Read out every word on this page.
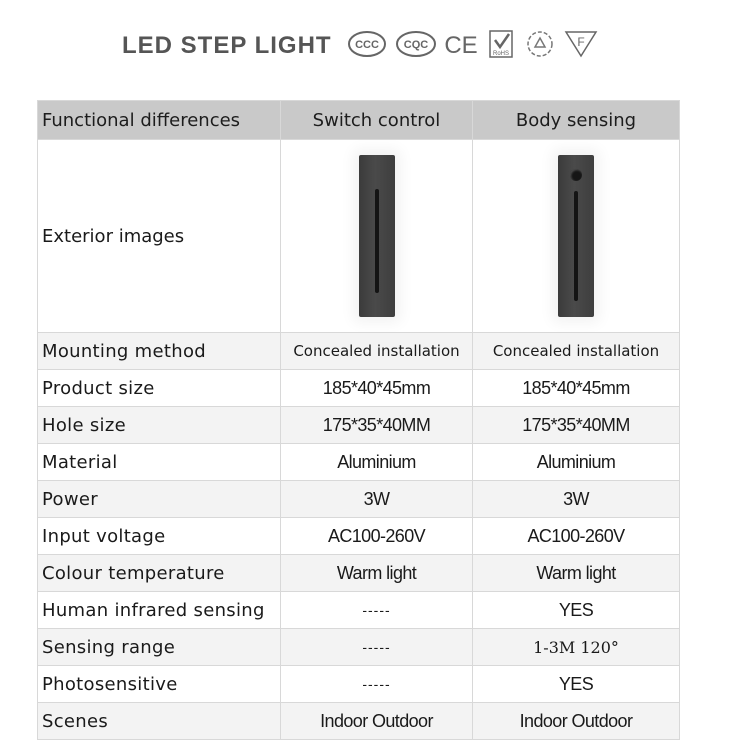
LED STEP LIGHT CCC CQC CE	RoHS
F
Functional differences	Switch control	Body sensing
Exterior images	

Mounting method	Concealed installation	Concealed installation
Product size	185*40*45mm	185*40*45mm
Hole size	175*35*40MM	175*35*40MM
Material	Aluminium	Aluminium
Power	3W	3W
Input voltage	AC100-260V	AC100-260V
Colour temperature	Warm light	Warm light
Human infrared sensing	-----	YES
Sensing range	-----	1-3M 120°
Photosensitive	-----	YES
Scenes	Indoor Outdoor	Indoor Outdoor
